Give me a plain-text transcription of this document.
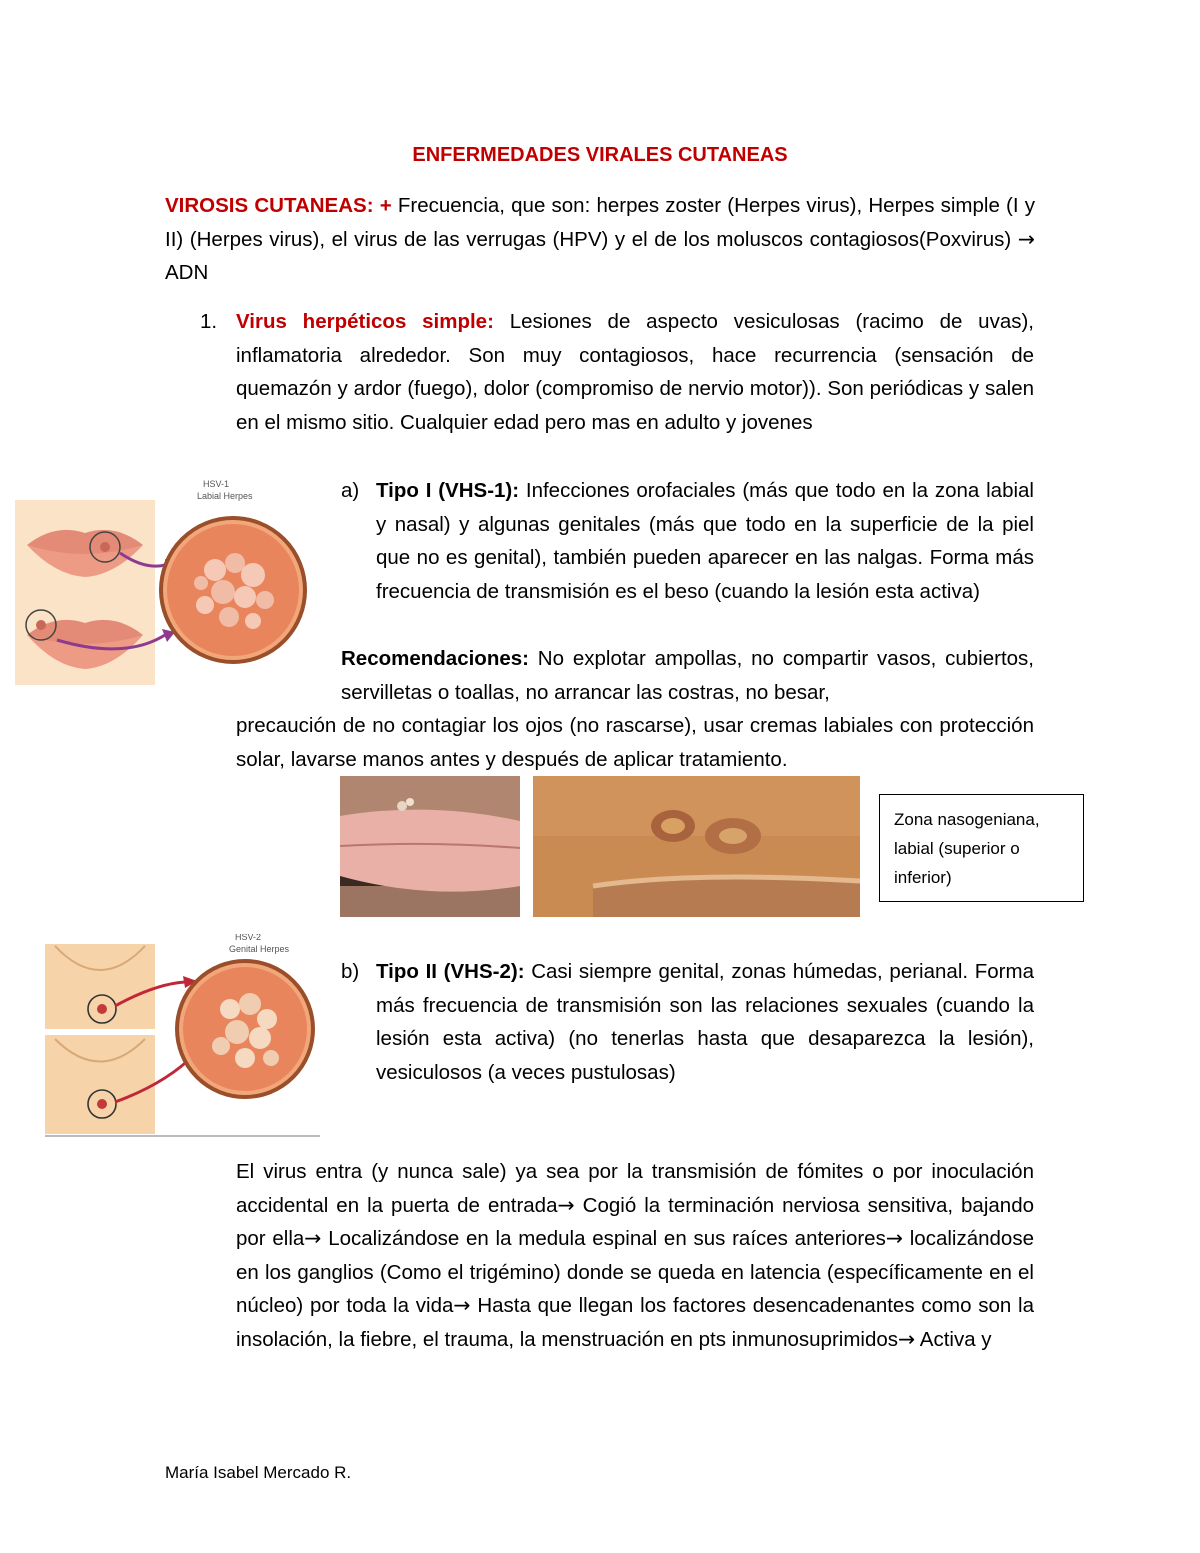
ENFERMEDADES VIRALES CUTANEAS

VIROSIS CUTANEAS: + Frecuencia, que son: herpes zoster (Herpes virus), Herpes simple (I y II) (Herpes virus), el virus de las verrugas (HPV) y el de los moluscos contagiosos(Poxvirus) → ADN

1. Virus herpéticos simple: Lesiones de aspecto vesiculosas (racimo de uvas), inflamatoria alrededor. Son muy contagiosos, hace recurrencia (sensación de quemazón y ardor (fuego), dolor (compromiso de nervio motor)). Son periódicas y salen en el mismo sitio. Cualquier edad pero mas en adulto y jovenes

HSV-1
Labial Herpes	a) Tipo I (VHS-1): Infecciones orofaciales (más que todo en la zona labial y nasal) y algunas genitales (más que todo en la superficie de la piel que no es genital), también pueden aparecer en las nalgas. Forma más frecuencia de transmisión es el beso (cuando la lesión esta activa)

Recomendaciones: No explotar ampollas, no compartir vasos, cubiertos, servilletas o toallas, no arrancar las costras, no besar,

precaución de no contagiar los ojos (no rascarse), usar cremas labiales con protección solar, lavarse manos antes y después de aplicar tratamiento.

Zona nasogeniana, labial (superior o inferior)
HSV-2
Genital Herpes
b) Tipo II (VHS-2): Casi siempre genital, zonas húmedas, perianal. Forma más frecuencia de transmisión son las relaciones sexuales (cuando la lesión esta activa) (no tenerlas hasta que desaparezca la lesión), vesiculosos (a veces pustulosas)

El virus entra (y nunca sale) ya sea por la transmisión de fómites o por inoculación accidental en la puerta de entrada→ Cogió la terminación nerviosa sensitiva, bajando por ella→ Localizándose en la medula espinal en sus raíces anteriores→ localizándose en los ganglios (Como el trigémino) donde se queda en latencia (específicamente en el núcleo) por toda la vida→ Hasta que llegan los factores desencadenantes como son la insolación, la fiebre, el trauma, la menstruación en pts inmunosuprimidos→ Activa y

María Isabel Mercado R.
